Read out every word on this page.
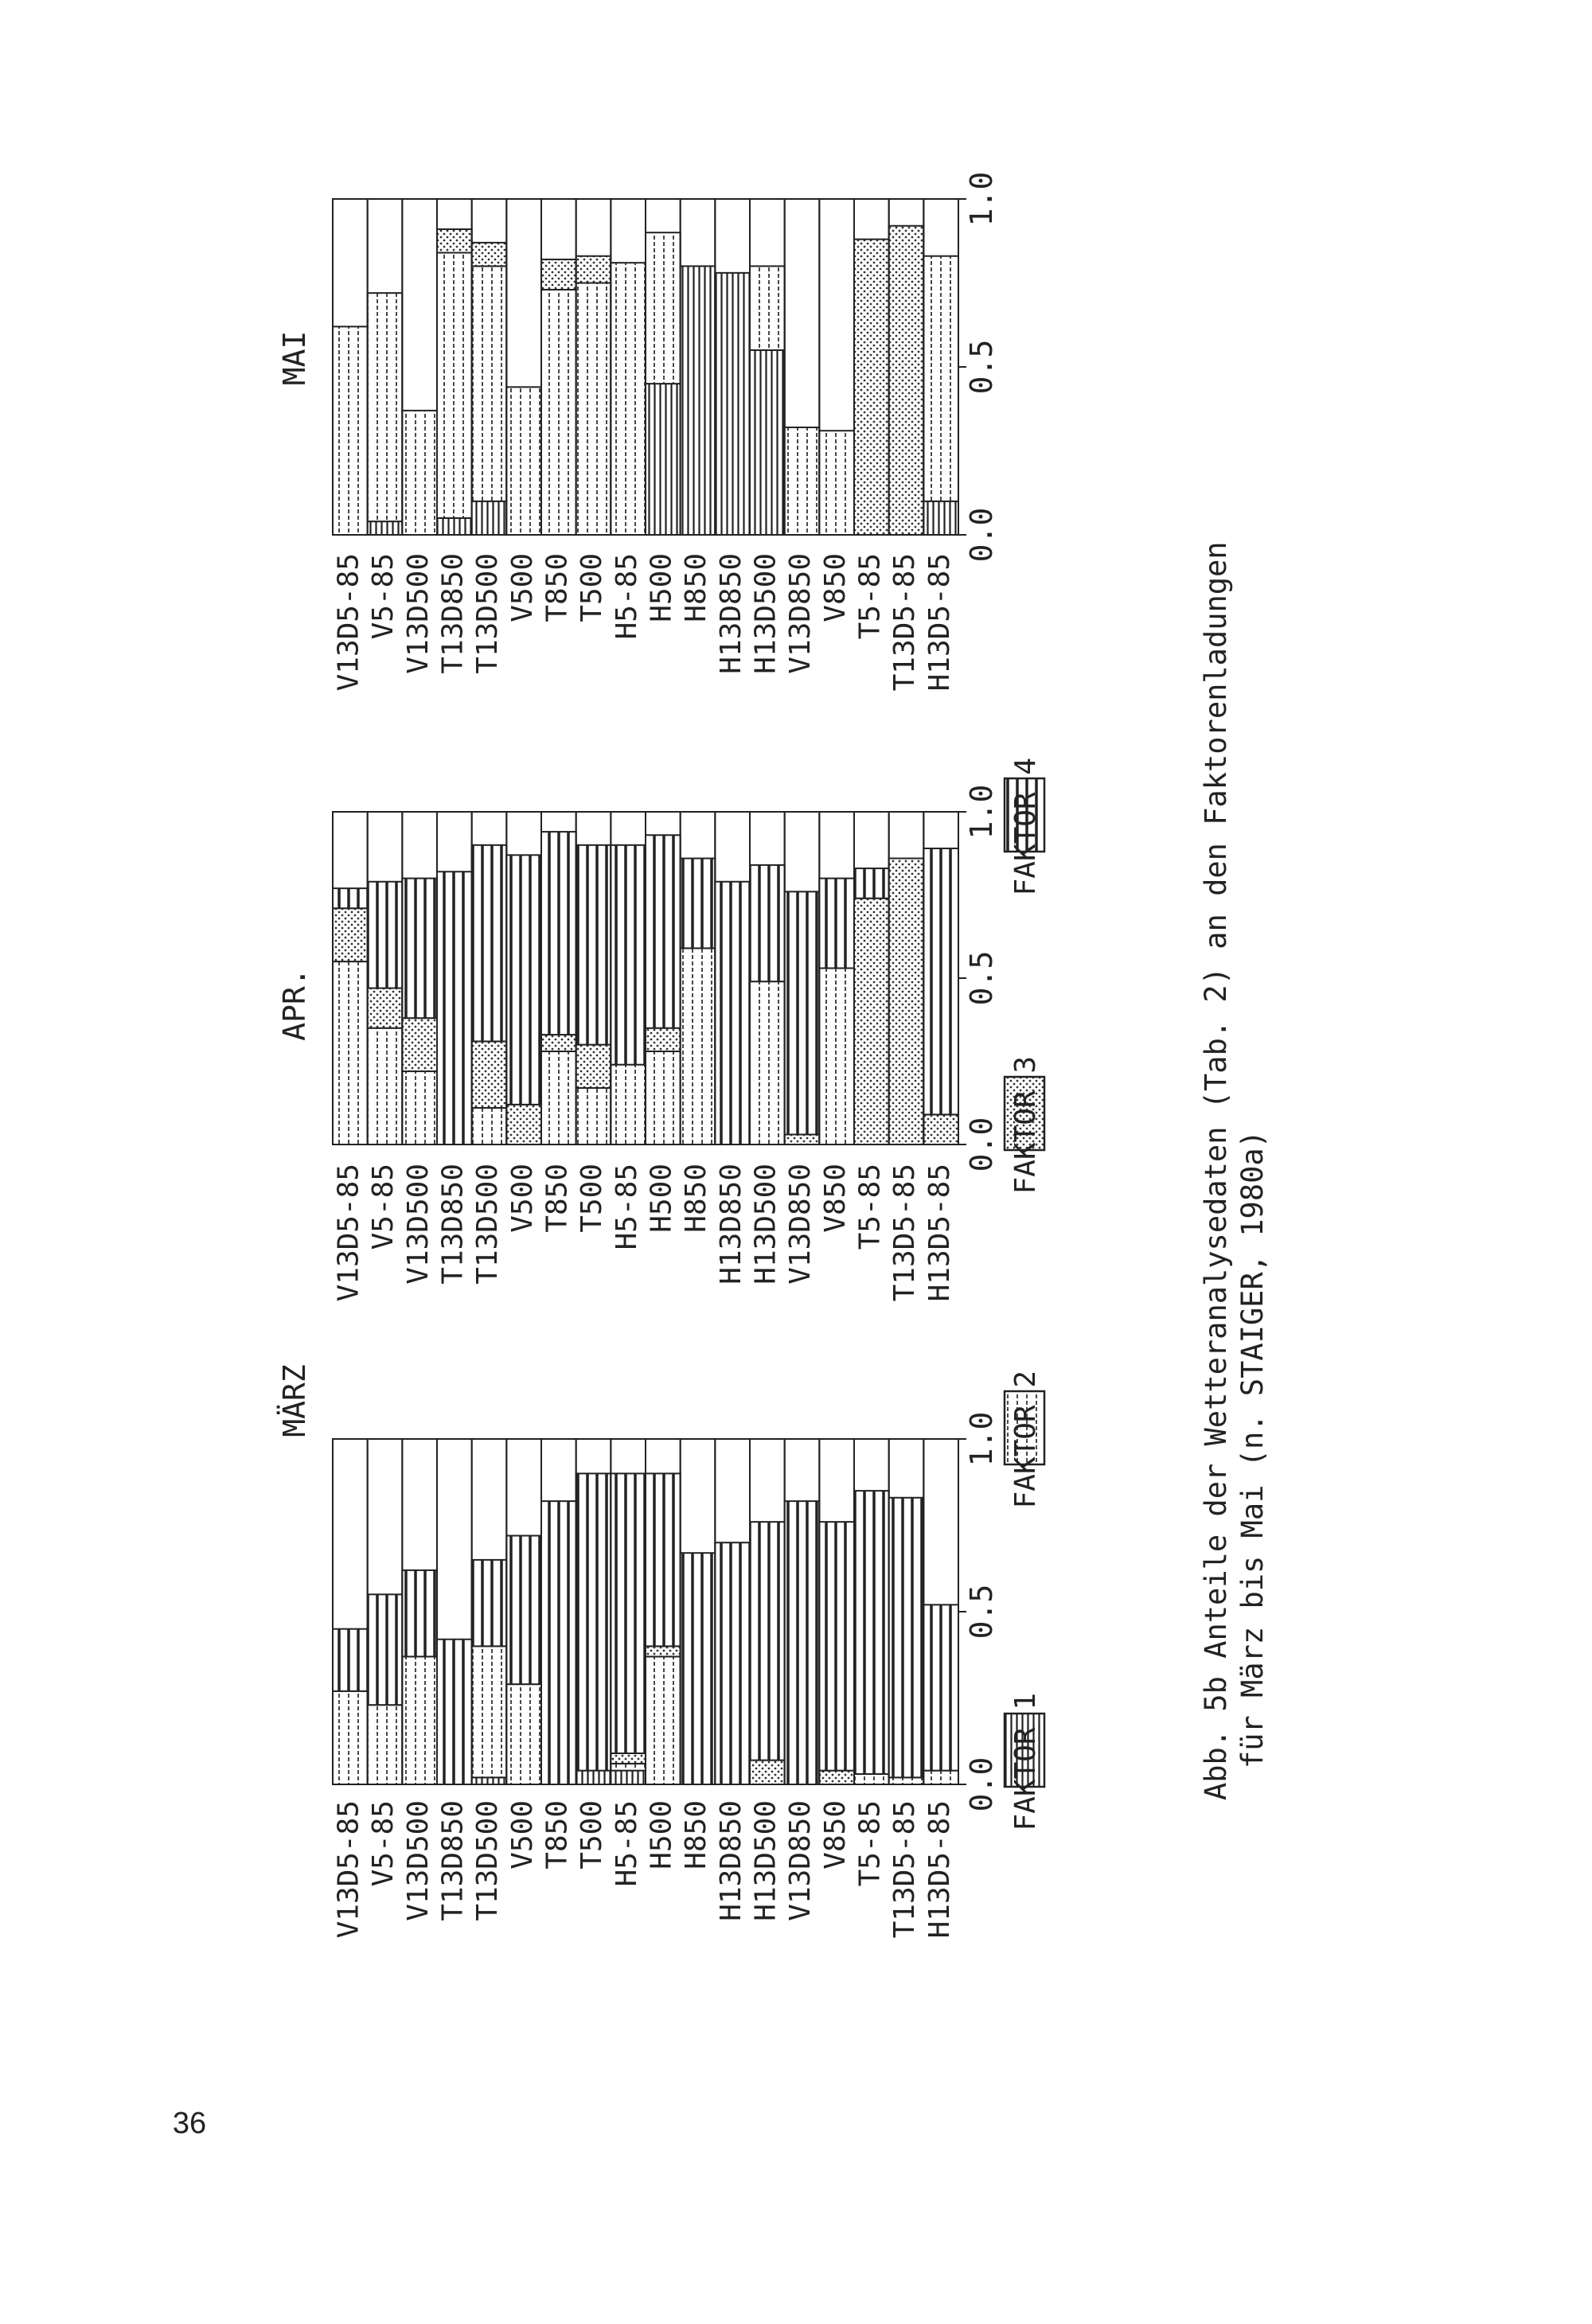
MÄRZ
V13D5-85 V5-85 V13D500 T13D850 T13D500 V500 T850 T500 H5-85 H500 H850 H13D850 H13D500 V13D850 V850 T5-85 T13D5-85 H13D5-85
0.0
0.5
1.0
APR.
V13D5-85 V5-85 V13D500 T13D850 T13D500 V500 T850 T500 H5-85 H500 H850 H13D850 H13D500 V13D850 V850 T5-85 T13D5-85 H13D5-85
0.0
0.5
1.0
MAI
V13D5-85 V5-85 V13D500 T13D850 T13D500 V500 T850 T500 H5-85 H500 H850 H13D850 H13D500 V13D850 V850 T5-85 T13D5-85 H13D5-85
0.0
0.5
1.0
36
Abb. 5b Anteile der Wetteranalysedaten (Tab. 2) an den Faktorenladungen für März bis Mai (n. STAIGER, 1980a)
FAKTOR 1
FAKTOR 2
FAKTOR 3
FAKTOR 4
